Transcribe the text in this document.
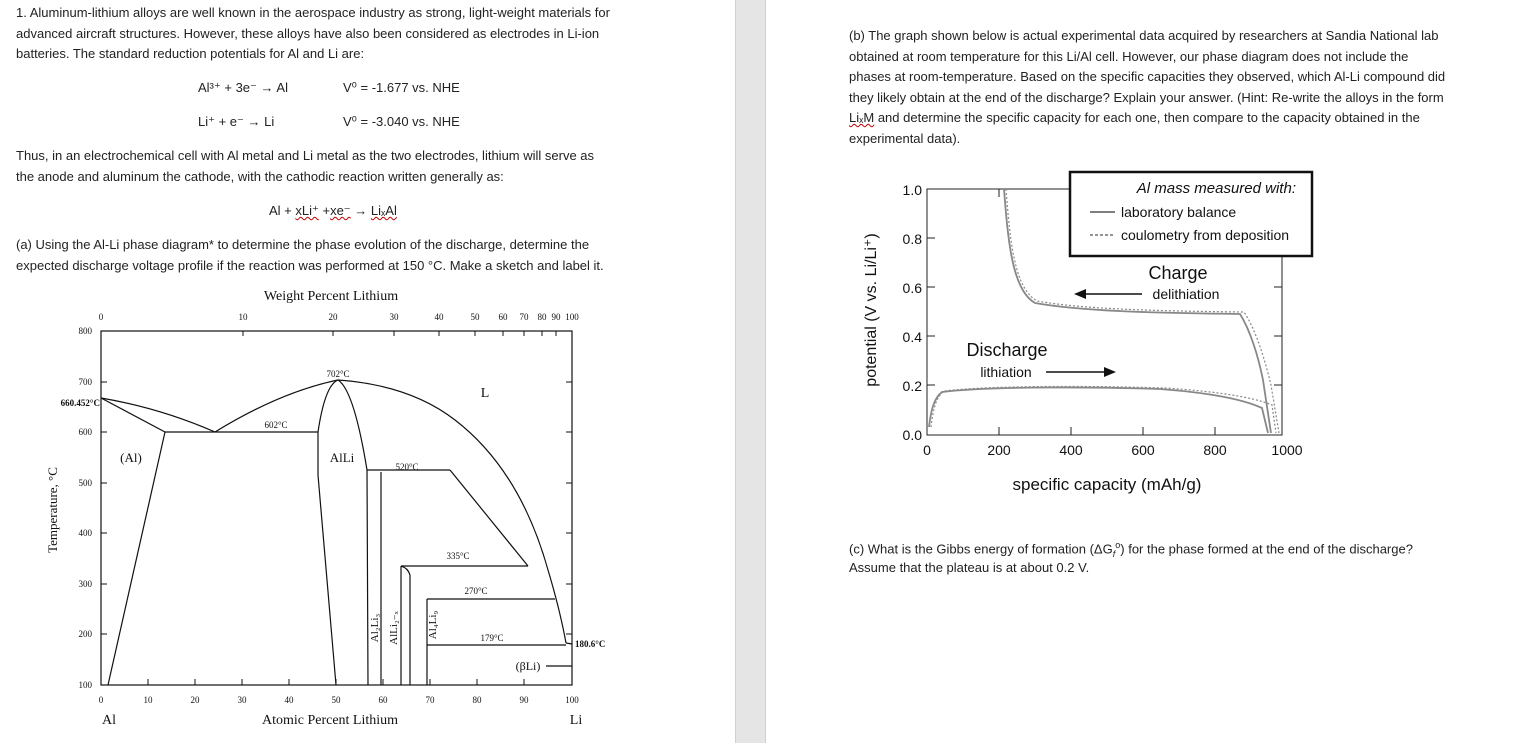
1. Aluminum-lithium alloys are well known in the aerospace industry as strong, light-weight materials for
advanced aircraft structures. However, these alloys have also been considered as electrodes in Li-ion
batteries. The standard reduction potentials for Al and Li are:
Al³⁺ + 3e⁻ → Al	V⁰ = -1.677 vs. NHE
Li⁺ + e⁻ → Li	V⁰ = -3.040 vs. NHE
Thus, in an electrochemical cell with Al metal and Li metal as the two electrodes, lithium will serve as
the anode and aluminum the cathode, with the cathodic reaction written generally as:
Al + xLi⁺ +xe⁻ → LiₓAl
(a) Using the Al-Li phase diagram* to determine the phase evolution of the discharge, determine the
expected discharge voltage profile if the reaction was performed at 150 °C. Make a sketch and label it.
Weight Percent Lithium
0	10	20	30	40	50 60 70 80 90 100
800
700
600
500
400
300
200
100
660.452°C
Temperature, °C
0	10	20	30	40	50	60	70	80	90	100
Al	Atomic Percent Lithium	Li
L
(Al)	AlLi
(βLi)
702°C
602°C
520°C
335°C
270°C
179°C
180.6°C
Al₂Li₃ AlLi₂₋ₓ Al₄Li₉
(b) The graph shown below is actual experimental data acquired by researchers at Sandia National lab
obtained at room temperature for this Li/Al cell. However, our phase diagram does not include the
phases at room-temperature. Based on the specific capacities they observed, which Al-Li compound did
they likely obtain at the end of the discharge? Explain your answer. (Hint: Re-write the alloys in the form
LiₓM and determine the specific capacity for each one, then compare to the capacity obtained in the
experimental data).
1.0
0.8
0.6
0.4
0.2
0.0
0	200	400	600	800	1000
specific capacity (mAh/g)
potential (V vs. Li/Li⁺)
Al mass measured with:
laboratory balance
coulometry from deposition
Charge
delithiation
Discharge
lithiation
(c) What is the Gibbs energy of formation $(\Delta G_f^o)$ for the phase formed at the end of the discharge?
Assume that the plateau is at about 0.2 V.
